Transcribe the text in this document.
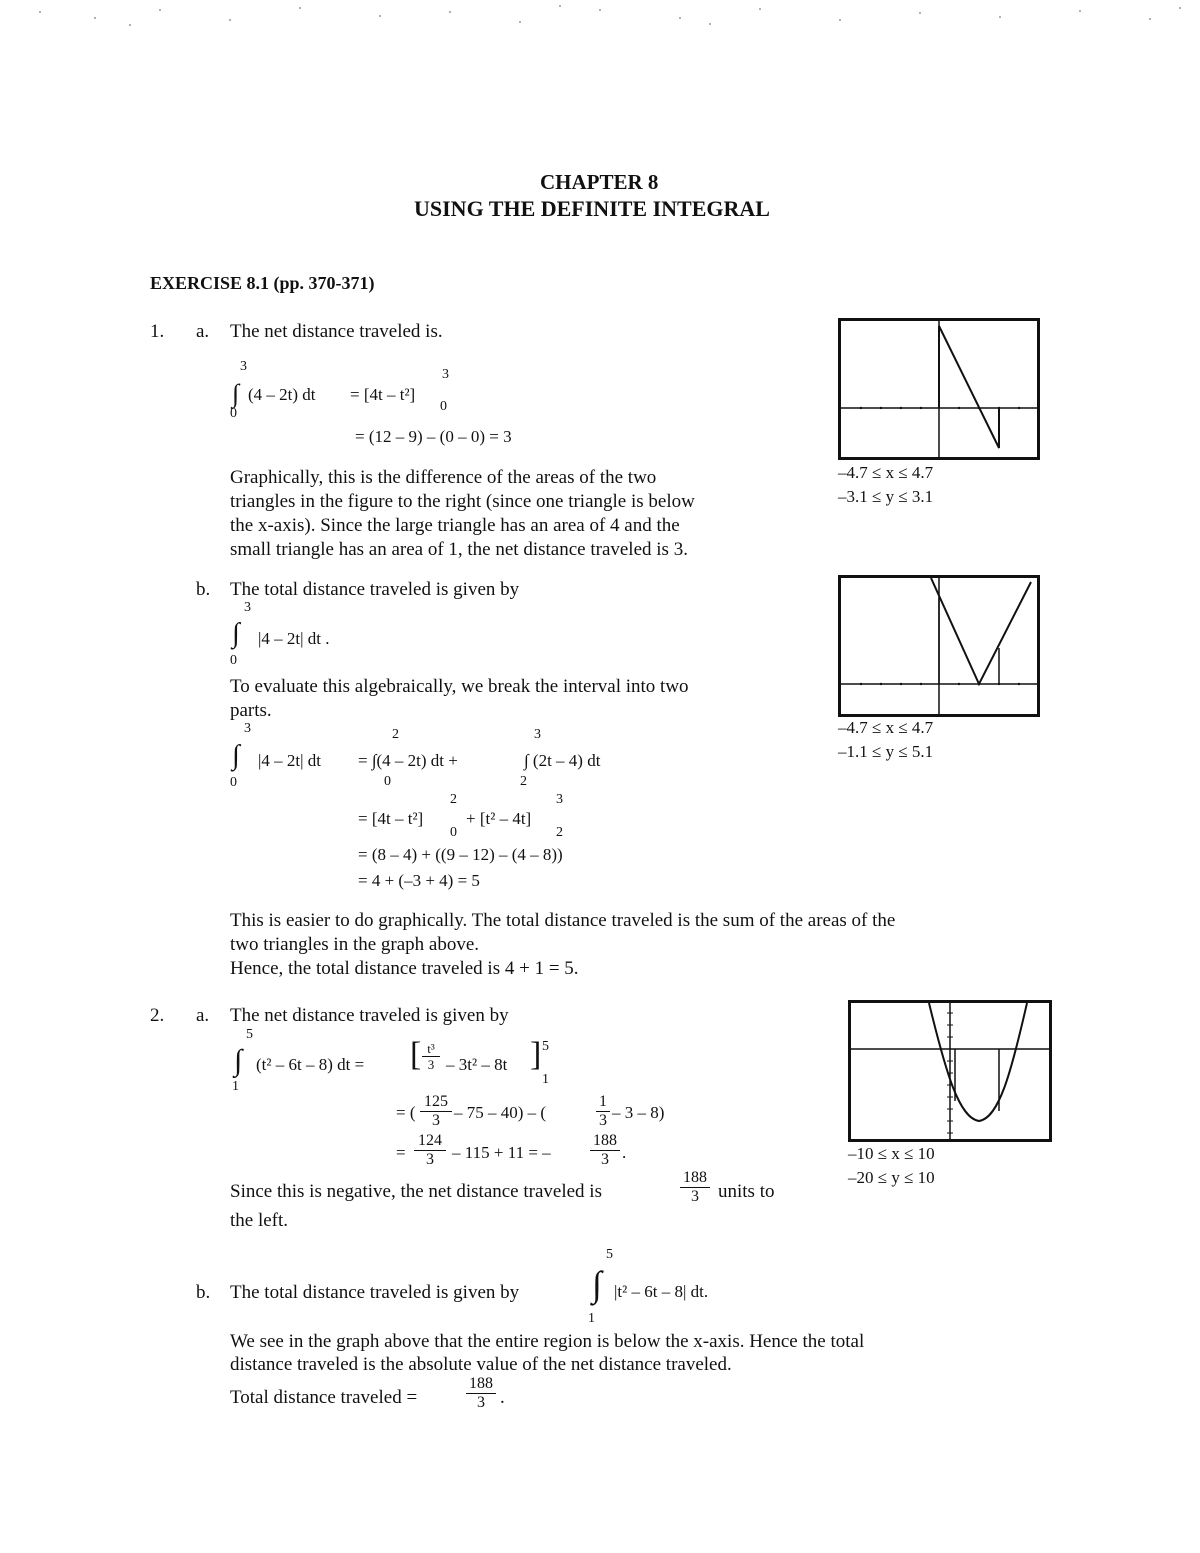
CHAPTER 8
USING THE DEFINITE INTEGRAL
EXERCISE 8.1 (pp. 370-371)
1. a. The net distance traveled is.
3
∫
0
(4 – 2t) dt = [4t – t²]
3
0
= (12 – 9) – (0 – 0) = 3
Graphically, this is the difference of the areas of the two
triangles in the figure to the right (since one triangle is below
the x-axis). Since the large triangle has an area of 4 and the
small triangle has an area of 1, the net distance traveled is 3.
–4.7 ≤ x ≤ 4.7
–3.1 ≤ y ≤ 3.1
b. The total distance traveled is given by
3
∫
0
|4 – 2t| dt .
To evaluate this algebraically, we break the interval into two
parts.
3
∫
0
|4 – 2t| dt
2
0
= ∫(4 – 2t) dt +
3
2
∫ (2t – 4) dt
= [4t – t²]
2
0
+ [t² – 4t]
3
2
= (8 – 4) + ((9 – 12) – (4 – 8))
= 4 + (–3 + 4) = 5
This is easier to do graphically. The total distance traveled is the sum of the areas of the
two triangles in the graph above.
Hence, the total distance traveled is 4 + 1 = 5.
–4.7 ≤ x ≤ 4.7
–1.1 ≤ y ≤ 5.1
2. a. The net distance traveled is given by
5
∫
1
(t² – 6t – 8) dt = [ $\frac{\text{t³}}{3} - 3t^2 - 8t$ ] 5
1
= ( $\frac{125}{3} - 75 - 40$) – (	$\frac{1}{3} - 3 - 8$)
= $\frac{124}{3} - 115 + 11$ = – $\frac{188}{3}$ .
Since this is negative, the net distance traveled is	$\frac{188}{3}$ units to
the left.
–10 ≤ x ≤ 10
–20 ≤ y ≤ 10
b. The total distance traveled is given by
5
∫
1
|t² – 6t – 8| dt.
We see in the graph above that the entire region is below the x-axis. Hence the total
distance traveled is the absolute value of the net distance traveled.
Total distance traveled =	$\frac{188}{3}$ .
